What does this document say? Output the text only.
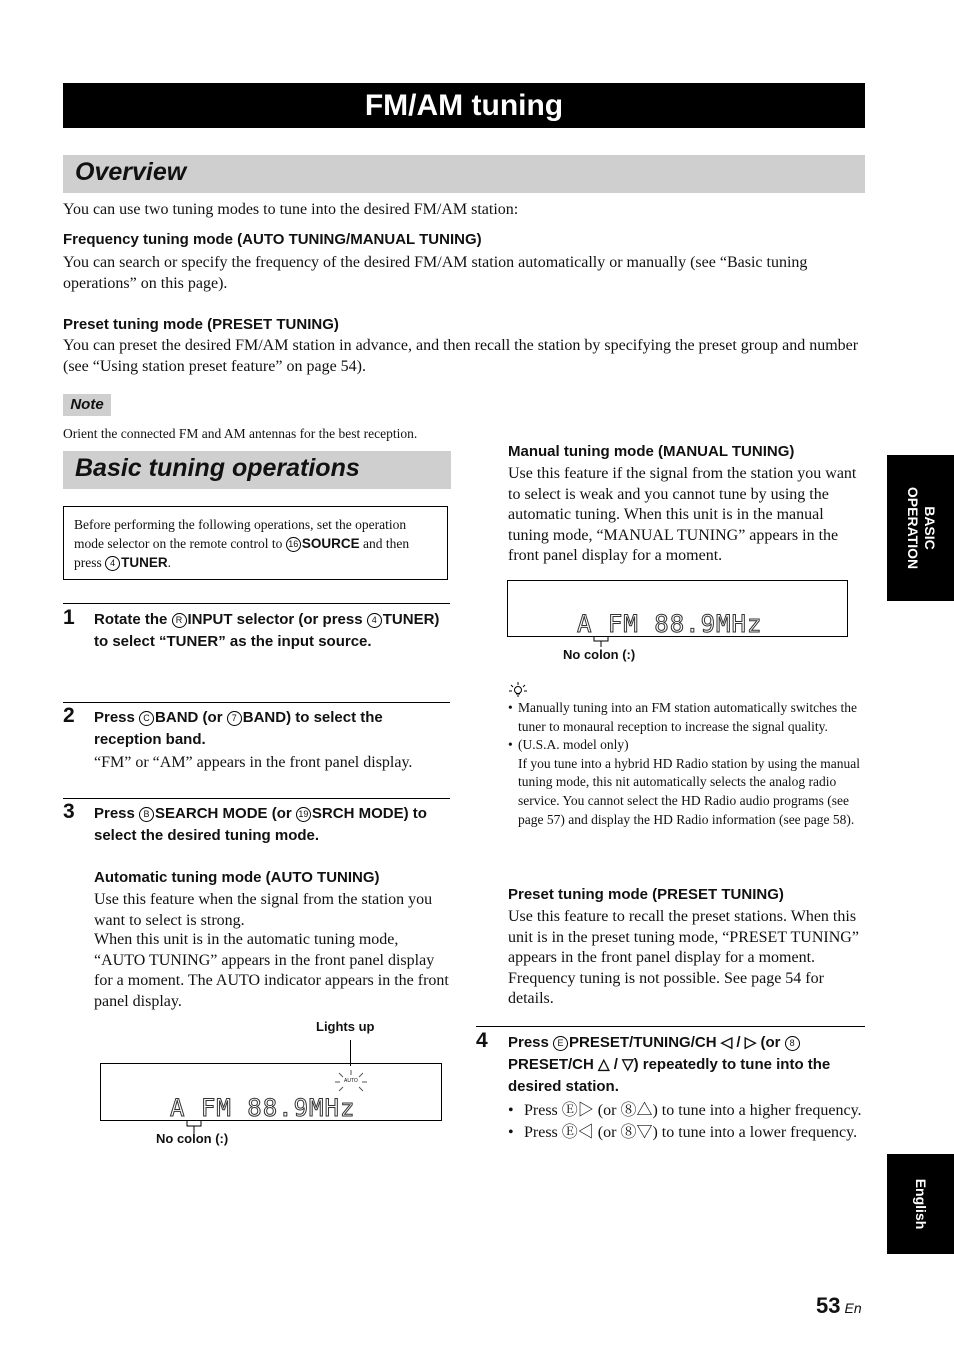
FM/AM tuning
Overview
You can use two tuning modes to tune into the desired FM/AM station:
Frequency tuning mode (AUTO TUNING/MANUAL TUNING)
You can search or specify the frequency of the desired FM/AM station automatically or manually (see “Basic tuning operations” on this page).
Preset tuning mode (PRESET TUNING)
You can preset the desired FM/AM station in advance, and then recall the station by specifying the preset group and number (see “Using station preset feature” on page 54).
Note
Orient the connected FM and AM antennas for the best reception.
Basic tuning operations
Before performing the following operations, set the operation mode selector on the remote control to 16 SOURCE and then press 4 TUNER.
1 Rotate the R INPUT selector (or press 4 TUNER) to select “TUNER” as the input source.
2 Press C BAND (or 7 BAND) to select the reception band.
“FM” or “AM” appears in the front panel display.
3 Press B SEARCH MODE (or 19 SRCH MODE) to select the desired tuning mode.
Automatic tuning mode (AUTO TUNING)
Use this feature when the signal from the station you want to select is strong.
When this unit is in the automatic tuning mode, “AUTO TUNING” appears in the front panel display for a moment. The AUTO indicator appears in the front panel display.
Lights up
A FM 88.9MHz
AUTO
No colon (:)
Manual tuning mode (MANUAL TUNING)
Use this feature if the signal from the station you want to select is weak and you cannot tune by using the automatic tuning. When this unit is in the manual tuning mode, “MANUAL TUNING” appears in the front panel display for a moment.
A FM 88.9MHz
No colon (:)
• Manually tuning into an FM station automatically switches the tuner to monaural reception to increase the signal quality.
• (U.S.A. model only)
If you tune into a hybrid HD Radio station by using the manual tuning mode, this nit automatically selects the analog radio service. You cannot select the HD Radio audio programs (see page 57) and display the HD Radio information (see page 58).
Preset tuning mode (PRESET TUNING)
Use this feature to recall the preset stations. When this unit is in the preset tuning mode, “PRESET TUNING” appears in the front panel display for a moment. Frequency tuning is not possible. See page 54 for details.
4 Press E PRESET/TUNING/CH ◁ / ▷ (or 8PRESET/CH △ / ▽) repeatedly to tune into the desired station.
• Press Ⓔ▷ (or ⑧△) to tune into a higher frequency.
• Press Ⓔ◁ (or ⑧▽) to tune into a lower frequency.
BASIC
OPERATION
English
53 En
